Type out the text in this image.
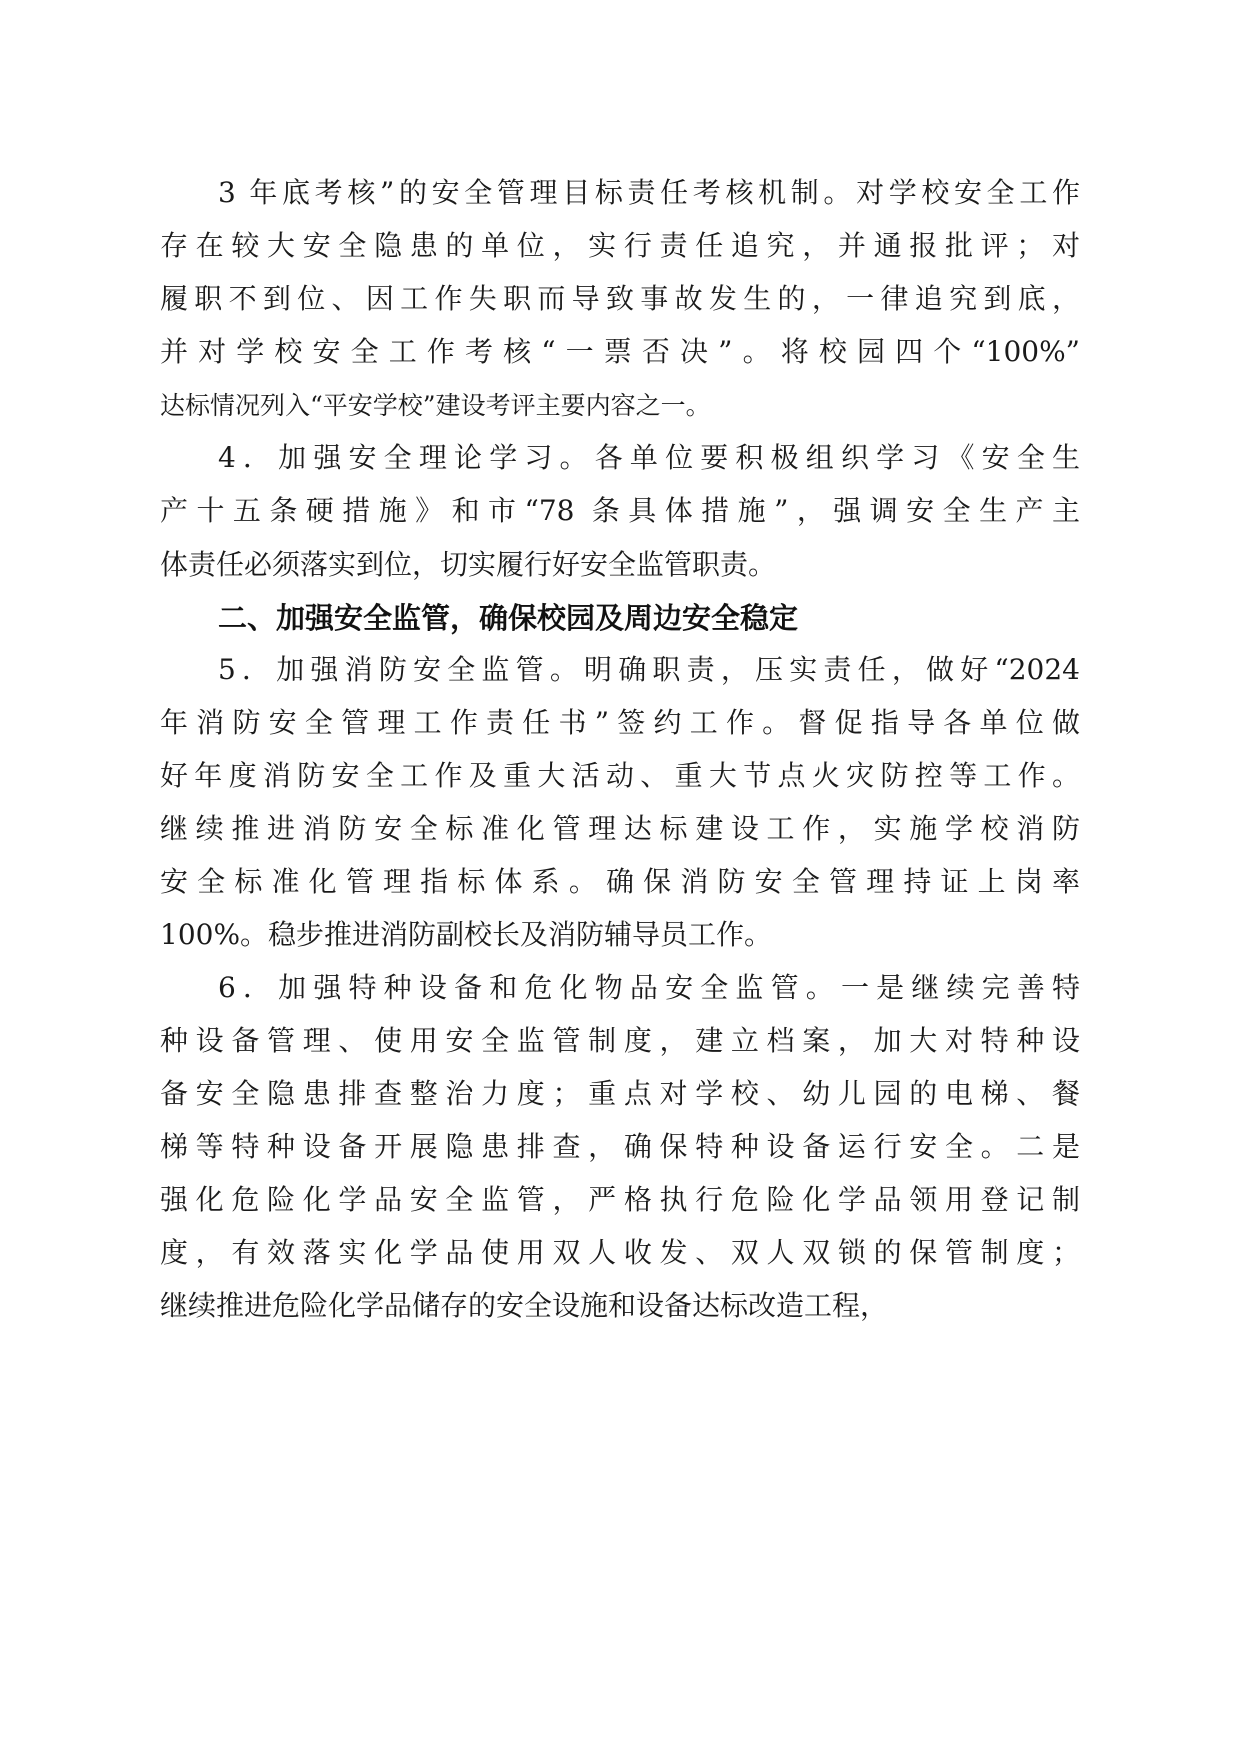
3 年底考核”的安全管理目标责任考核机制。对学校安全工作
存在较大安全隐患的单位，实行责任追究，并通报批评；对
履职不到位、因工作失职而导致事故发生的，一律追究到底，
并对学校安全工作考核“一票否决”。将校园四个“100%”
达标情况列入“平安学校”建设考评主要内容之一。
4．加强安全理论学习。各单位要积极组织学习《安全生
产十五条硬措施》和市“78 条具体措施”，强调安全生产主
体责任必须落实到位，切实履行好安全监管职责。
二、加强安全监管，确保校园及周边安全稳定
5．加强消防安全监管。明确职责，压实责任，做好“2024
年消防安全管理工作责任书”签约工作。督促指导各单位做
好年度消防安全工作及重大活动、重大节点火灾防控等工作。
继续推进消防安全标准化管理达标建设工作，实施学校消防
安全标准化管理指标体系。确保消防安全管理持证上岗率
100%。稳步推进消防副校长及消防辅导员工作。
6．加强特种设备和危化物品安全监管。一是继续完善特
种设备管理、使用安全监管制度，建立档案，加大对特种设
备安全隐患排查整治力度；重点对学校、幼儿园的电梯、餐
梯等特种设备开展隐患排查，确保特种设备运行安全。二是
强化危险化学品安全监管，严格执行危险化学品领用登记制
度，有效落实化学品使用双人收发、双人双锁的保管制度；
继续推进危险化学品储存的安全设施和设备达标改造工程，
